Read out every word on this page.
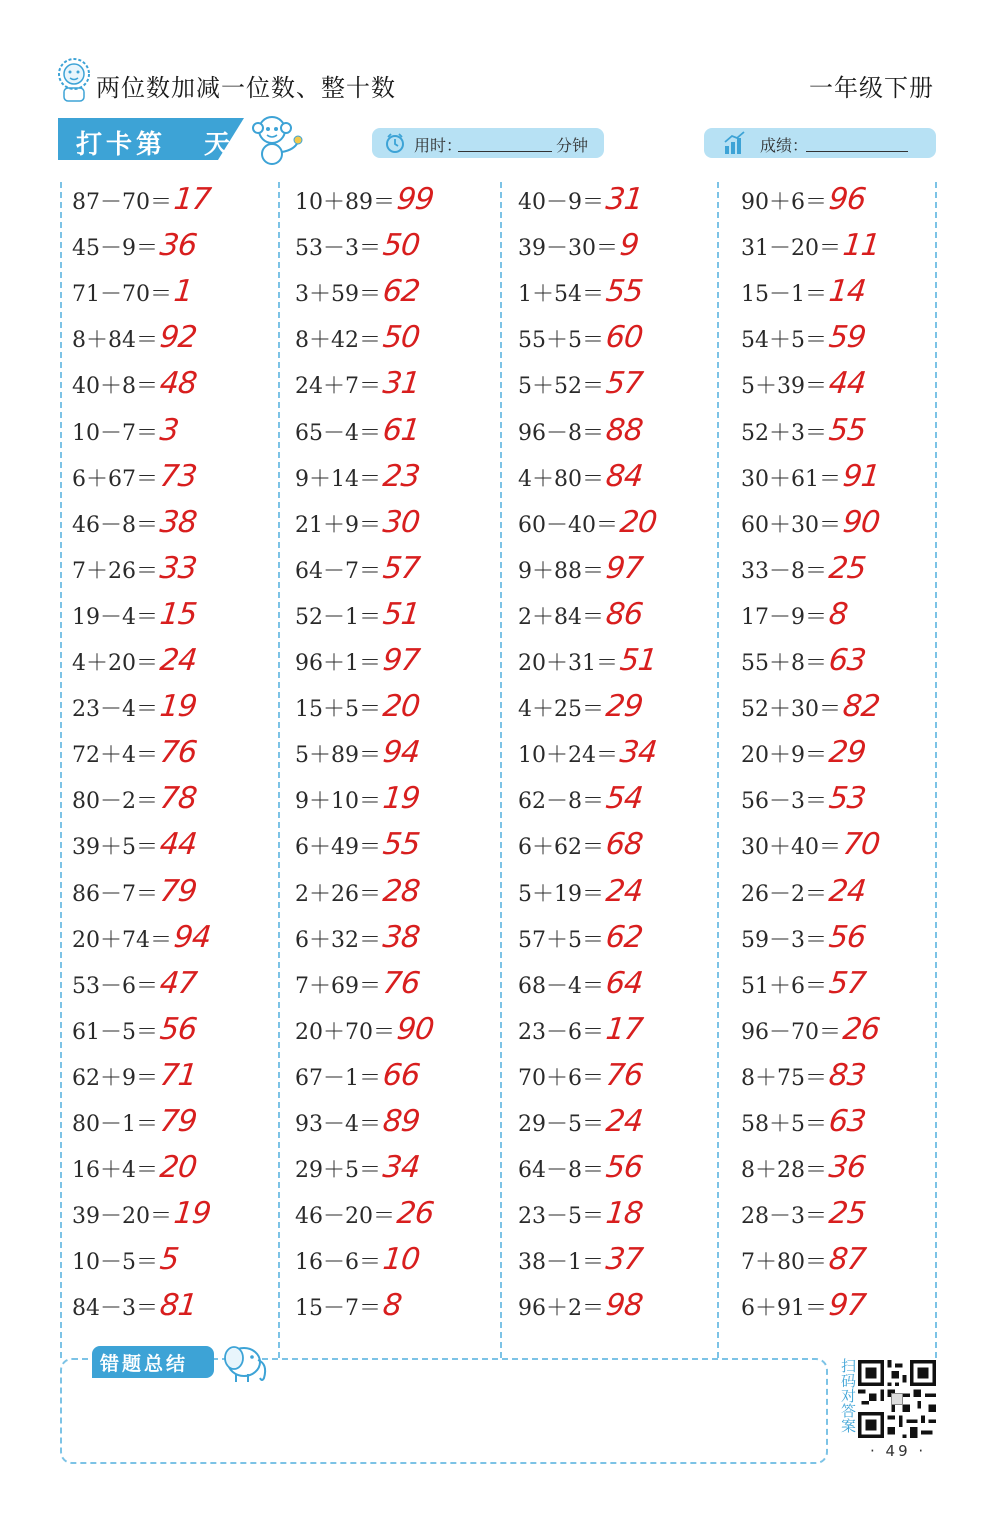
两位数加减一位数、整十数	一年级下册
打卡第 天	用时：	分钟	成绩：
87－70＝17
45－9＝36
71－70＝1
8＋84＝92
40＋8＝48
10－7＝3
6＋67＝73
46－8＝38
7＋26＝33
19－4＝15
4＋20＝24
23－4＝19
72＋4＝76
80－2＝78
39＋5＝44
86－7＝79
20＋74＝94
53－6＝47
61－5＝56
62＋9＝71
80－1＝79
16＋4＝20
39－20＝19
10－5＝5
84－3＝81
10＋89＝99
53－3＝50
3＋59＝62
8＋42＝50
24＋7＝31
65－4＝61
9＋14＝23
21＋9＝30
64－7＝57
52－1＝51
96＋1＝97
15＋5＝20
5＋89＝94
9＋10＝19
6＋49＝55
2＋26＝28
6＋32＝38
7＋69＝76
20＋70＝90
67－1＝66
93－4＝89
29＋5＝34
46－20＝26
16－6＝10
15－7＝8
40－9＝31
39－30＝9
1＋54＝55
55＋5＝60
5＋52＝57
96－8＝88
4＋80＝84
60－40＝20
9＋88＝97
2＋84＝86
20＋31＝51
4＋25＝29
10＋24＝34
62－8＝54
6＋62＝68
5＋19＝24
57＋5＝62
68－4＝64
23－6＝17
70＋6＝76
29－5＝24
64－8＝56
23－5＝18
38－1＝37
96＋2＝98
90＋6＝96
31－20＝11
15－1＝14
54＋5＝59
5＋39＝44
52＋3＝55
30＋61＝91
60＋30＝90
33－8＝25
17－9＝8
55＋8＝63
52＋30＝82
20＋9＝29
56－3＝53
30＋40＝70
26－2＝24
59－3＝56
51＋6＝57
96－70＝26
8＋75＝83
58＋5＝63
8＋28＝36
28－3＝25
7＋80＝87
6＋91＝97
错题总结	扫码对答案
· 49 ·
